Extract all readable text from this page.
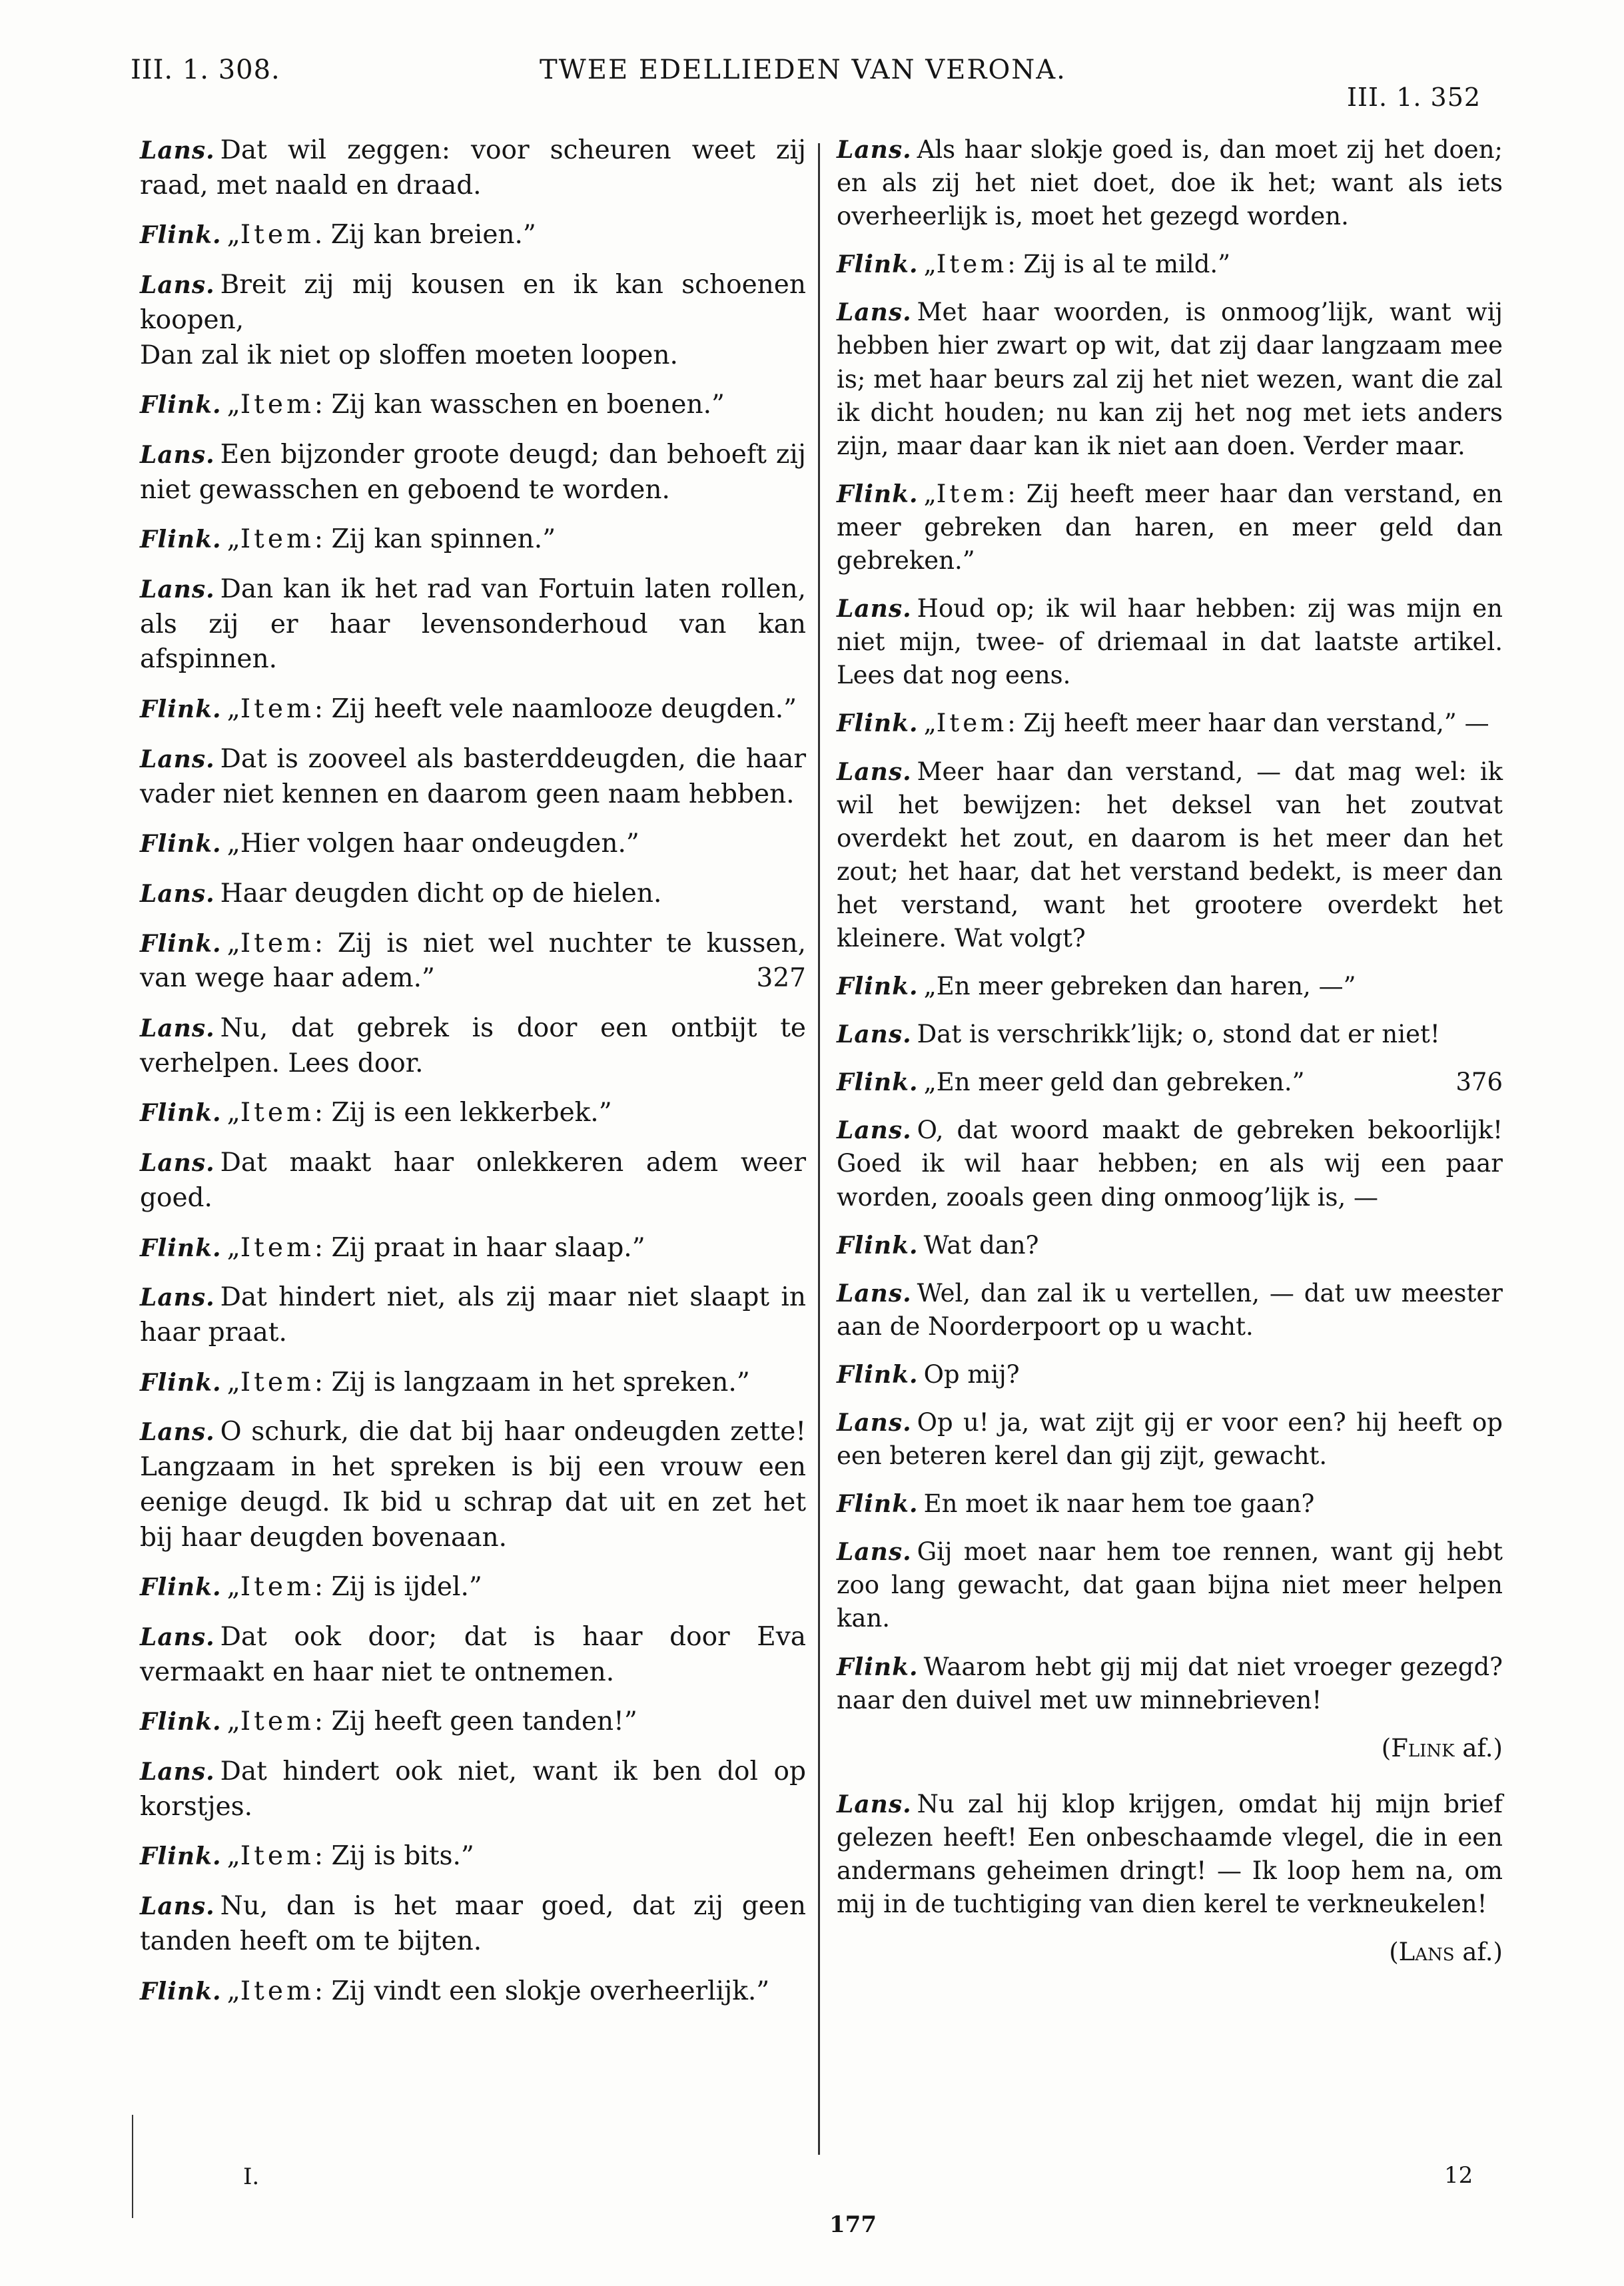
III. 1. 308.	TWEE EDELLIEDEN VAN VERONA.
III. 1. 352

Lans. Dat wil zeggen: voor scheuren weet zij raad, met naald en draad.

Flink. „Item. Zij kan breien.”

Lans. Breit zij mij kousen en ik kan schoenen koopen,

Dan zal ik niet op sloffen moeten loopen.

Flink. „Item: Zij kan wasschen en boenen.”

Lans. Een bijzonder groote deugd; dan behoeft zij niet gewasschen en geboend te worden.

Flink. „Item: Zij kan spinnen.”

Lans. Dan kan ik het rad van Fortuin laten rollen, als zij er haar levensonderhoud van kan afspinnen.

Flink. „Item: Zij heeft vele naamlooze deugden.”

Lans. Dat is zooveel als basterddeugden, die haar vader niet kennen en daarom geen naam hebben.

Flink. „Hier volgen haar ondeugden.”

Lans. Haar deugden dicht op de hielen.

Flink. „Item: Zij is niet wel nuchter te kussen, van wege haar adem.”	327

Lans. Nu, dat gebrek is door een ontbijt te verhelpen. Lees door.

Flink. „Item: Zij is een lekkerbek.”

Lans. Dat maakt haar onlekkeren adem weer goed.

Flink. „Item: Zij praat in haar slaap.”

Lans. Dat hindert niet, als zij maar niet slaapt in haar praat.

Flink. „Item: Zij is langzaam in het spreken.”

Lans. O schurk, die dat bij haar ondeugden zette! Langzaam in het spreken is bij een vrouw een eenige deugd. Ik bid u schrap dat uit en zet het bij haar deugden bovenaan.

Flink. „Item: Zij is ijdel.”

Lans. Dat ook door; dat is haar door Eva vermaakt en haar niet te ontnemen.

Flink. „Item: Zij heeft geen tanden!”

Lans. Dat hindert ook niet, want ik ben dol op korstjes.

Flink. „Item: Zij is bits.”

Lans. Nu, dan is het maar goed, dat zij geen tanden heeft om te bijten.

Flink. „Item: Zij vindt een slokje overheerlijk.”

Lans. Als haar slokje goed is, dan moet zij het doen; en als zij het niet doet, doe ik het; want als iets overheerlijk is, moet het gezegd worden.

Flink. „Item: Zij is al te mild.”

Lans. Met haar woorden, is onmoog’lijk, want wij hebben hier zwart op wit, dat zij daar langzaam mee is; met haar beurs zal zij het niet wezen, want die zal ik dicht houden; nu kan zij het nog met iets anders zijn, maar daar kan ik niet aan doen. Verder maar.

Flink. „Item: Zij heeft meer haar dan verstand, en meer gebreken dan haren, en meer geld dan gebreken.”

Lans. Houd op; ik wil haar hebben: zij was mijn en niet mijn, twee- of driemaal in dat laatste artikel. Lees dat nog eens.

Flink. „Item: Zij heeft meer haar dan verstand,” —

Lans. Meer haar dan verstand, — dat mag wel: ik wil het bewijzen: het deksel van het zoutvat overdekt het zout, en daarom is het meer dan het zout; het haar, dat het verstand bedekt, is meer dan het verstand, want het grootere overdekt het kleinere. Wat volgt?

Flink. „En meer gebreken dan haren, —”

Lans. Dat is verschrikk’lijk; o, stond dat er niet!

Flink. „En meer geld dan gebreken.”	376

Lans. O, dat woord maakt de gebreken bekoorlijk! Goed ik wil haar hebben; en als wij een paar worden, zooals geen ding onmoog’lijk is, —

Flink. Wat dan?

Lans. Wel, dan zal ik u vertellen, — dat uw meester aan de Noorderpoort op u wacht.

Flink. Op mij?

Lans. Op u! ja, wat zijt gij er voor een? hij heeft op een beteren kerel dan gij zijt, gewacht.

Flink. En moet ik naar hem toe gaan?

Lans. Gij moet naar hem toe rennen, want gij hebt zoo lang gewacht, dat gaan bijna niet meer helpen kan.

Flink. Waarom hebt gij mij dat niet vroeger gezegd? naar den duivel met uw minnebrieven!

(Flink af.)

Lans. Nu zal hij klop krijgen, omdat hij mijn brief gelezen heeft! Een onbeschaamde vlegel, die in een andermans geheimen dringt! — Ik loop hem na, om mij in de tuchtiging van dien kerel te verkneukelen!

(Lans af.)
I.	12
177
